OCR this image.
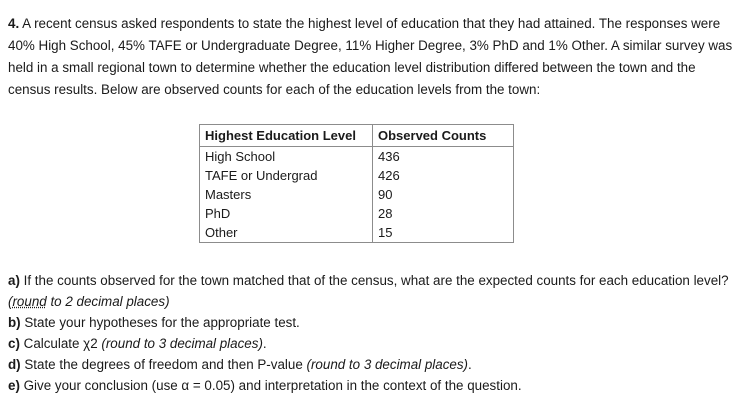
4. A recent census asked respondents to state the highest level of education that they had attained. The responses were 40% High School, 45% TAFE or Undergraduate Degree, 11% Higher Degree, 3% PhD and 1% Other. A similar survey was held in a small regional town to determine whether the education level distribution differed between the town and the census results. Below are observed counts for each of the education levels from the town:

Highest Education Level	Observed Counts
High School	436
TAFE or Undergrad	426
Masters	90
PhD	28
Other	15

a) If the counts observed for the town matched that of the census, what are the expected counts for each education level? (round to 2 decimal places)

b) State your hypotheses for the appropriate test.

c) Calculate χ2 (round to 3 decimal places).

d) State the degrees of freedom and then P-value (round to 3 decimal places).

e) Give your conclusion (use α = 0.05) and interpretation in the context of the question.
